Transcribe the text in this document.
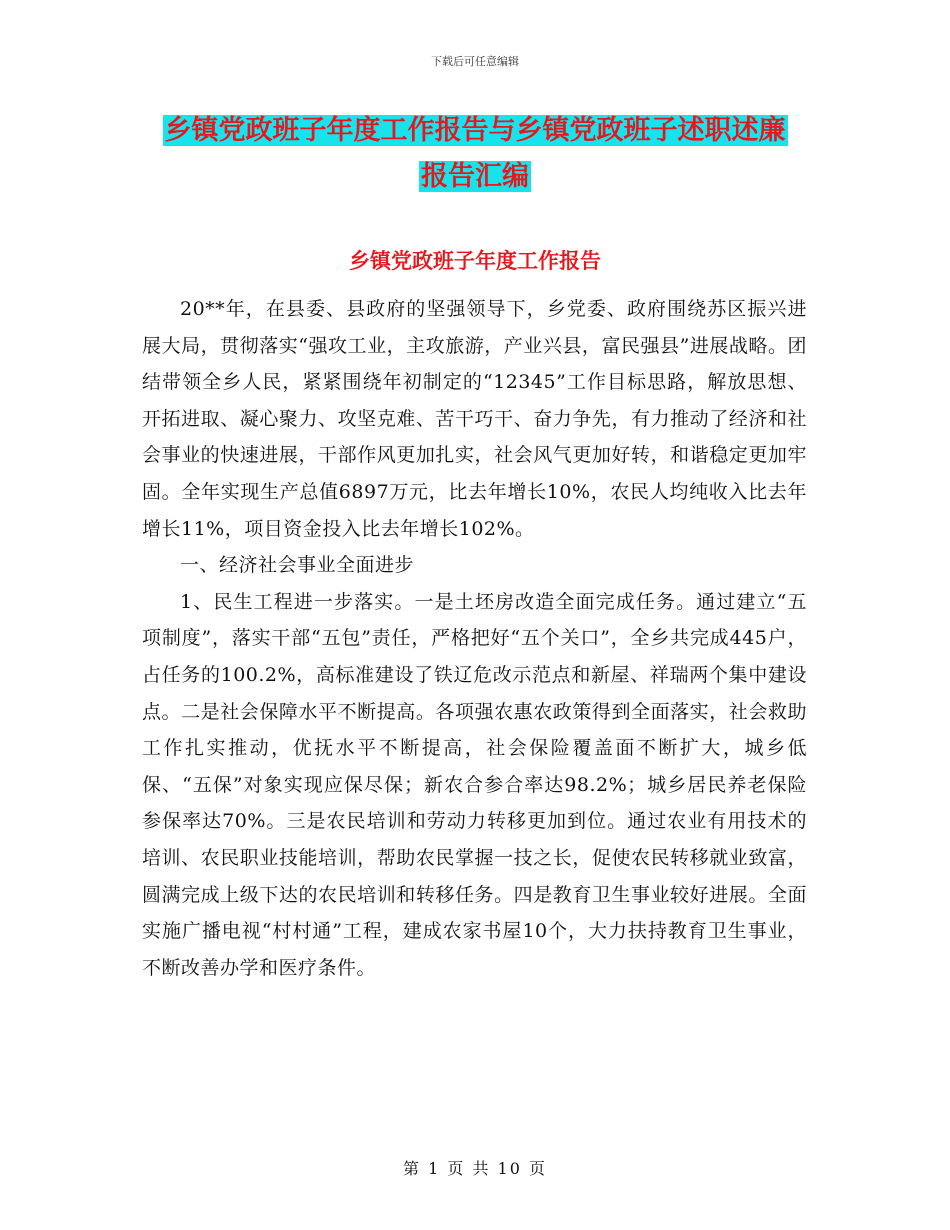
下载后可任意编辑
乡镇党政班子年度工作报告与乡镇党政班子述职述廉
报告汇编
乡镇党政班子年度工作报告

20**年，在县委、县政府的坚强领导下，乡党委、政府围绕苏区振兴进展大局，贯彻落实“强攻工业，主攻旅游，产业兴县，富民强县”进展战略。团结带领全乡人民，紧紧围绕年初制定的“12345”工作目标思路，解放思想、开拓进取、凝心聚力、攻坚克难、苦干巧干、奋力争先，有力推动了经济和社会事业的快速进展，干部作风更加扎实，社会风气更加好转，和谐稳定更加牢固。全年实现生产总值6897万元，比去年增长10%，农民人均纯收入比去年增长11%，项目资金投入比去年增长102%。

一、经济社会事业全面进步

1、民生工程进一步落实。一是土坯房改造全面完成任务。通过建立“五项制度”，落实干部“五包”责任，严格把好“五个关口”，全乡共完成445户，占任务的100.2%，高标准建设了铁辽危改示范点和新屋、祥瑞两个集中建设点。二是社会保障水平不断提高。各项强农惠农政策得到全面落实，社会救助工作扎实推动，优抚水平不断提高，社会保险覆盖面不断扩大，城乡低保、“五保”对象实现应保尽保；新农合参合率达98.2%；城乡居民养老保险参保率达70%。三是农民培训和劳动力转移更加到位。通过农业有用技术的培训、农民职业技能培训，帮助农民掌握一技之长，促使农民转移就业致富，圆满完成上级下达的农民培训和转移任务。四是教育卫生事业较好进展。全面实施广播电视“村村通”工程，建成农家书屋10个，大力扶持教育卫生事业，不断改善办学和医疗条件。

第 1 页 共 10 页
